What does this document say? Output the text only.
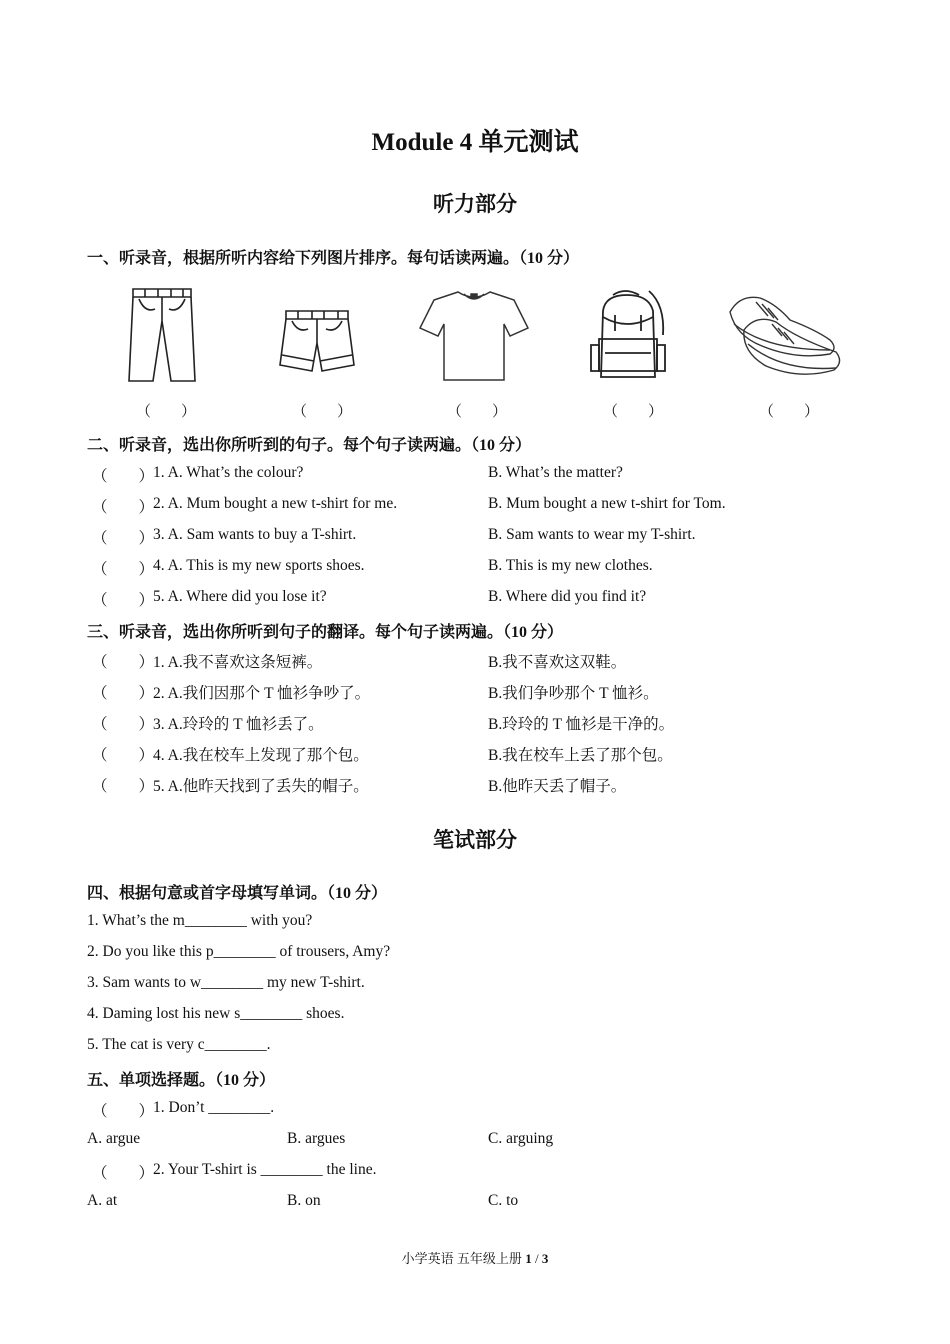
Module 4 单元测试
听力部分
一、听录音，根据所听内容给下列图片排序。每句话读两遍。（10 分）
（　　）	（　　）	（　　）	（　　）	（　　）
二、听录音，选出你所听到的句子。每个句子读两遍。（10 分）
（　　）
1. A. What’s the colour?	B. What’s the matter?
（　　）
2. A. Mum bought a new t-shirt for me.	B. Mum bought a new t-shirt for Tom.
（　　）
3. A. Sam wants to buy a T-shirt.	B. Sam wants to wear my T-shirt.
（　　）
4. A. This is my new sports shoes.	B. This is my new clothes.
（　　）
5. A. Where did you lose it?	B. Where did you find it?
三、听录音，选出你所听到句子的翻译。每个句子读两遍。（10 分）
（　　）
1. A.我不喜欢这条短裤。	B.我不喜欢这双鞋。
（　　）
2. A.我们因那个 T 恤衫争吵了。	B.我们争吵那个 T 恤衫。
（　　）
3. A.玲玲的 T 恤衫丢了。	B.玲玲的 T 恤衫是干净的。
（　　）
4. A.我在校车上发现了那个包。	B.我在校车上丢了那个包。
（　　）
5. A.他昨天找到了丢失的帽子。	B.他昨天丢了帽子。
笔试部分
四、根据句意或首字母填写单词。（10 分）
1. What’s the m________ with you?
2. Do you like this p________ of trousers, Amy?
3. Sam wants to w________ my new T-shirt.
4. Daming lost his new s________ shoes.
5. The cat is very c________.
五、单项选择题。（10 分）
（　　）
1. Don’t ________.
A. argue	B. argues	C. arguing
（　　）
2. Your T-shirt is ________ the line.
A. at	B. on	C. to
小学英语 五年级上册 1 / 3
